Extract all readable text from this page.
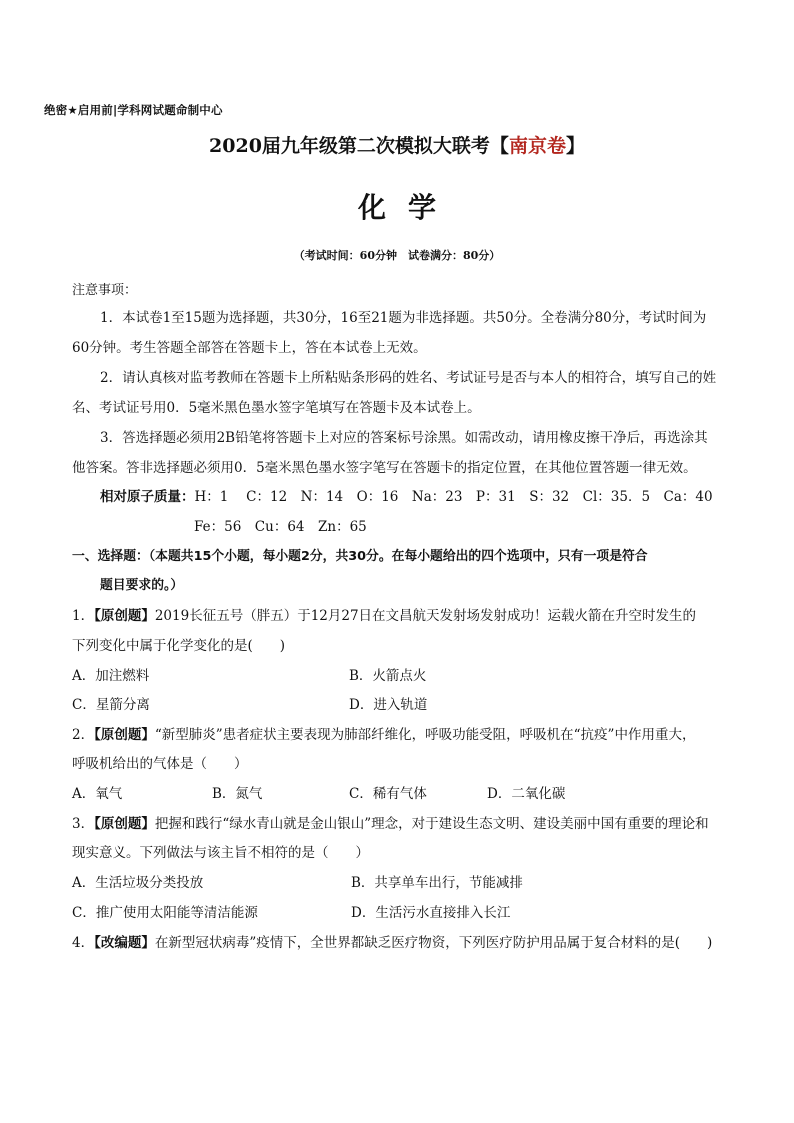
绝密★启用前|学科网试题命制中心
2020届九年级第二次模拟大联考【南京卷】
化学
（考试时间：60分钟　试卷满分：80分）
注意事项：
1．本试卷1至15题为选择题，共30分，16至21题为非选择题。共50分。全卷满分80分，考试时间为
60分钟。考生答题全部答在答题卡上，答在本试卷上无效。
2．请认真核对监考教师在答题卡上所粘贴条形码的姓名、考试证号是否与本人的相符合，填写自己的姓
名、考试证号用0．5毫米黑色墨水签字笔填写在答题卡及本试卷上。
3．答选择题必须用2B铅笔将答题卡上对应的答案标号涂黑。如需改动，请用橡皮擦干净后，再选涂其
他答案。答非选择题必须用0．5毫米黑色墨水签字笔写在答题卡的指定位置，在其他位置答题一律无效。
相对原子质量：H：1　 C：12　N：14　O：16　Na：23　P：31　S：32　Cl：35．5　Ca：40
Fe：56　Cu：64　Zn：65
一、选择题：（本题共15个小题，每小题2分，共30分。在每小题给出的四个选项中，只有一项是符合
题目要求的。）
1．【原创题】2019长征五号（胖五）于12月27日在文昌航天发射场发射成功！运载火箭在升空时发生的
下列变化中属于化学变化的是(　　)
A．加注燃料	B．火箭点火
C．星箭分离	D．进入轨道
2．【原创题】“新型肺炎”患者症状主要表现为肺部纤维化，呼吸功能受阻，呼吸机在“抗疫”中作用重大，
呼吸机给出的气体是（　　）
A．氧气	B．氮气	C．稀有气体	D．二氧化碳
3．【原创题】把握和践行“绿水青山就是金山银山”理念，对于建设生态文明、建设美丽中国有重要的理论和
现实意义。下列做法与该主旨不相符的是（　　）
A．生活垃圾分类投放	B．共享单车出行，节能减排
C．推广使用太阳能等清洁能源	D．生活污水直接排入长江
4．【改编题】在新型冠状病毒”疫情下，全世界都缺乏医疗物资，下列医疗防护用品属于复合材料的是(　　)
